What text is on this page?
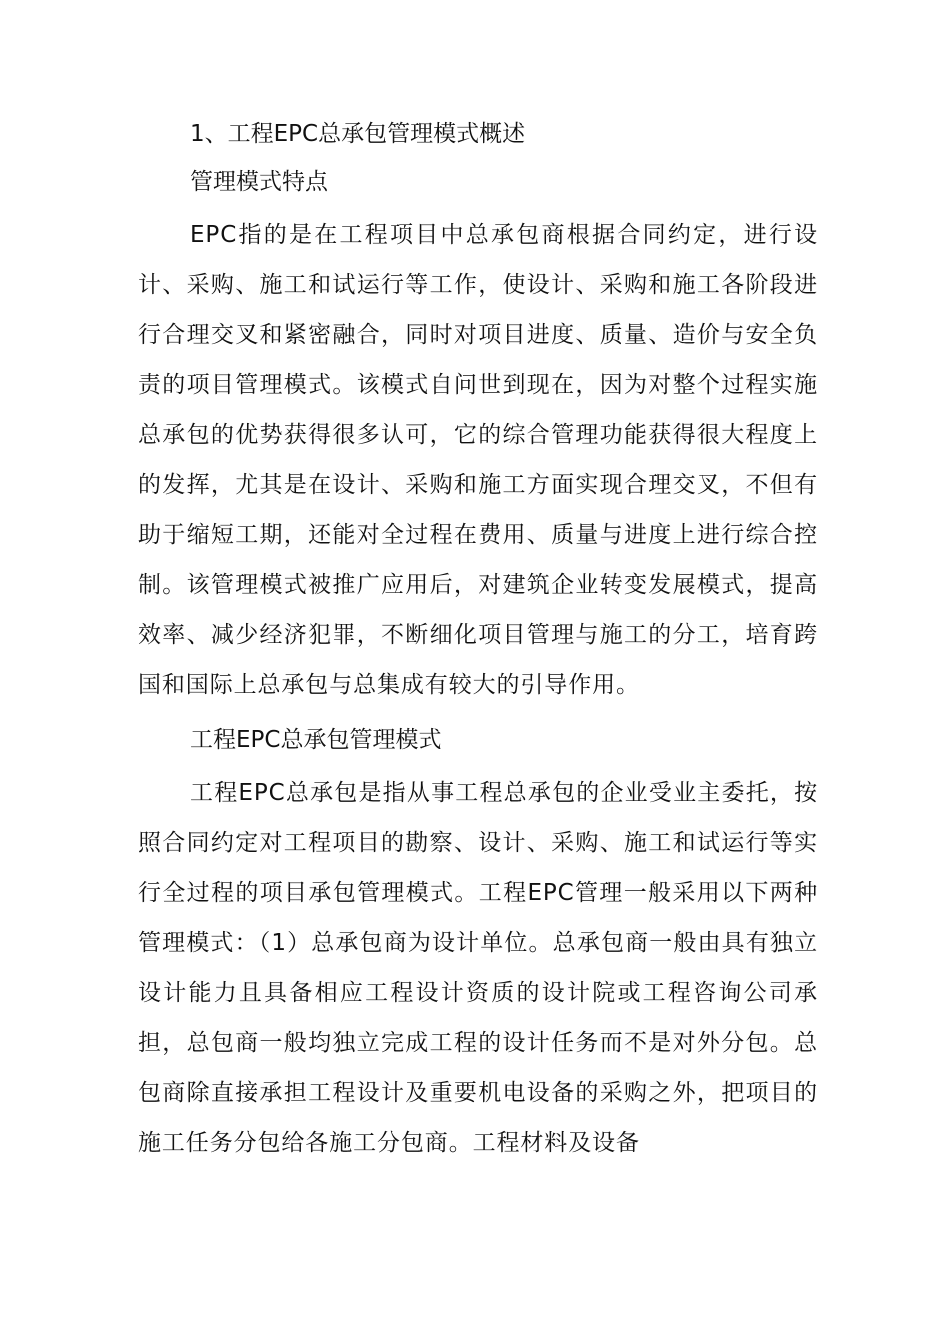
1、工程EPC总承包管理模式概述

管理模式特点

EPC指的是在工程项目中总承包商根据合同约定，进行设计、采购、施工和试运行等工作，使设计、采购和施工各阶段进行合理交叉和紧密融合，同时对项目进度、质量、造价与安全负责的项目管理模式。该模式自问世到现在，因为对整个过程实施总承包的优势获得很多认可，它的综合管理功能获得很大程度上的发挥，尤其是在设计、采购和施工方面实现合理交叉，不但有助于缩短工期，还能对全过程在费用、质量与进度上进行综合控制。该管理模式被推广应用后，对建筑企业转变发展模式，提高效率、减少经济犯罪，不断细化项目管理与施工的分工，培育跨国和国际上总承包与总集成有较大的引导作用。

工程EPC总承包管理模式

工程EPC总承包是指从事工程总承包的企业受业主委托，按照合同约定对工程项目的勘察、设计、采购、施工和试运行等实行全过程的项目承包管理模式。工程EPC管理一般采用以下两种管理模式：（1）总承包商为设计单位。总承包商一般由具有独立设计能力且具备相应工程设计资质的设计院或工程咨询公司承担，总包商一般均独立完成工程的设计任务而不是对外分包。总包商除直接承担工程设计及重要机电设备的采购之外，把项目的施工任务分包给各施工分包商。工程材料及设备
